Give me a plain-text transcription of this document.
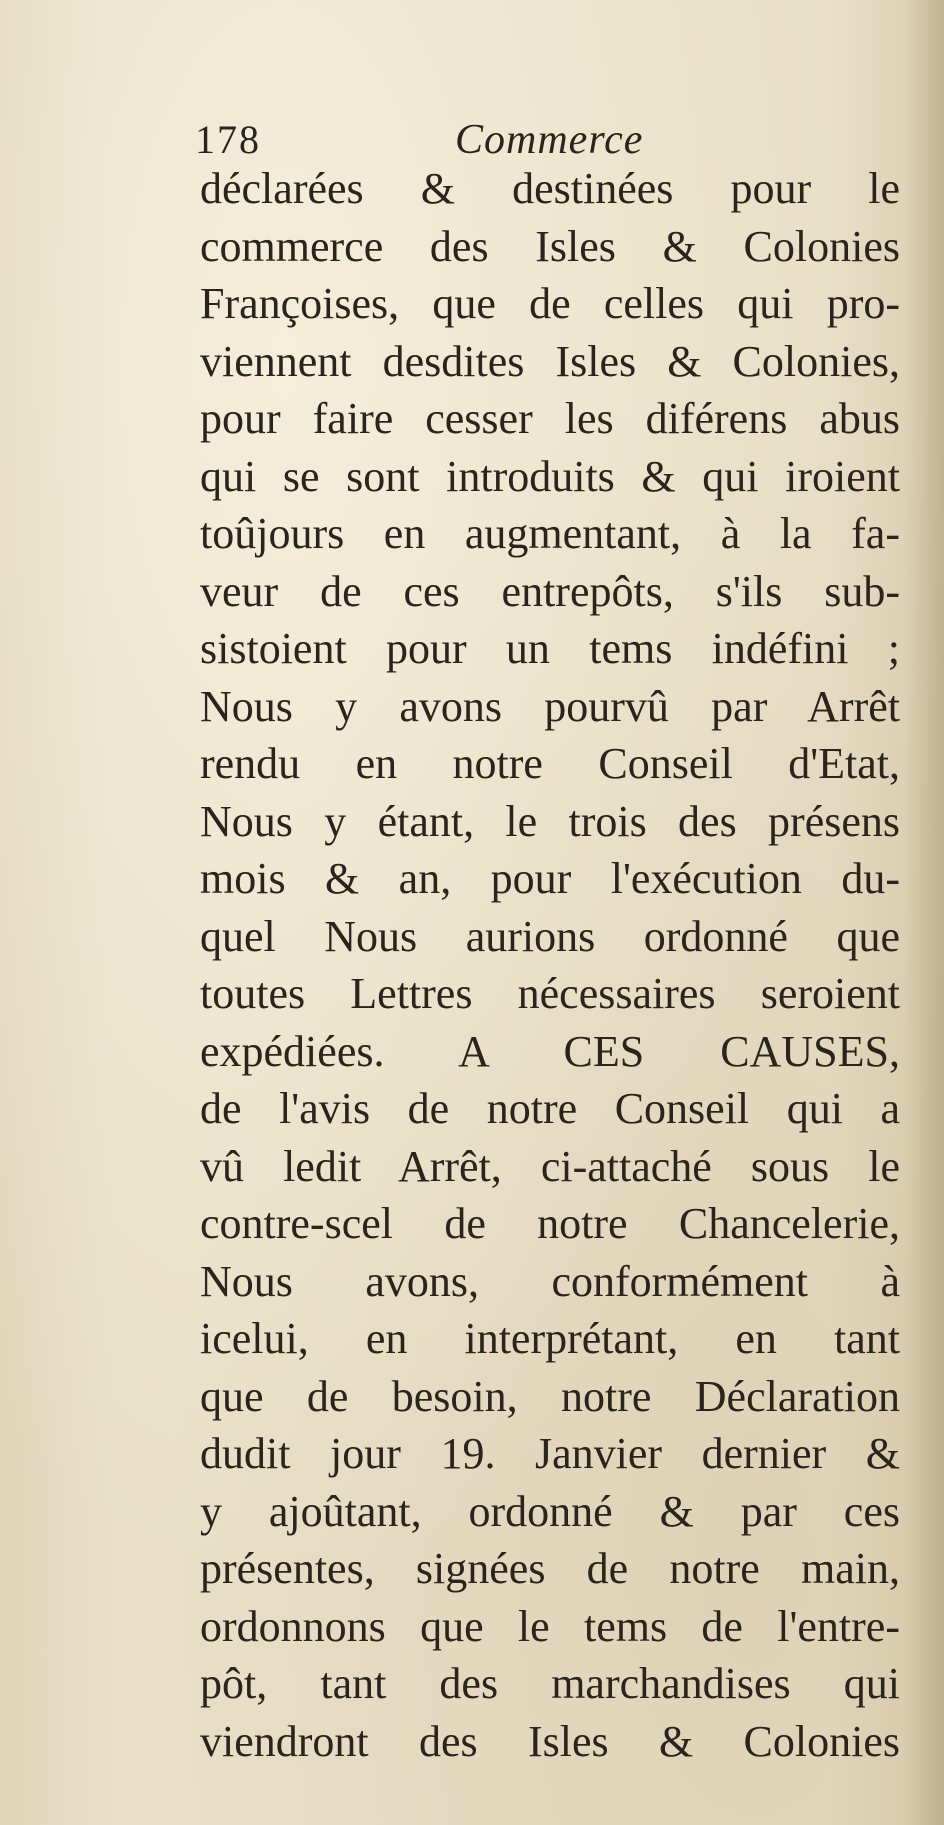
178	Commerce
déclarées & destinées pour le
commerce des Isles & Colonies
Françoises, que de celles qui pro-
viennent desdites Isles & Colonies,
pour faire cesser les diférens abus
qui se sont introduits & qui iroient
toûjours en augmentant, à la fa-
veur de ces entrepôts, s'ils sub-
sistoient pour un tems indéfini ;
Nous y avons pourvû par Arrêt
rendu en notre Conseil d'Etat,
Nous y étant, le trois des présens
mois & an, pour l'exécution du-
quel Nous aurions ordonné que
toutes Lettres nécessaires seroient
expédiées. A CES CAUSES,
de l'avis de notre Conseil qui a
vû ledit Arrêt, ci-attaché sous le
contre-scel de notre Chancelerie,
Nous avons, conformément à
icelui, en interprétant, en tant
que de besoin, notre Déclaration
dudit jour 19. Janvier dernier &
y ajoûtant, ordonné & par ces
présentes, signées de notre main,
ordonnons que le tems de l'entre-
pôt, tant des marchandises qui
viendront des Isles & Colonies
